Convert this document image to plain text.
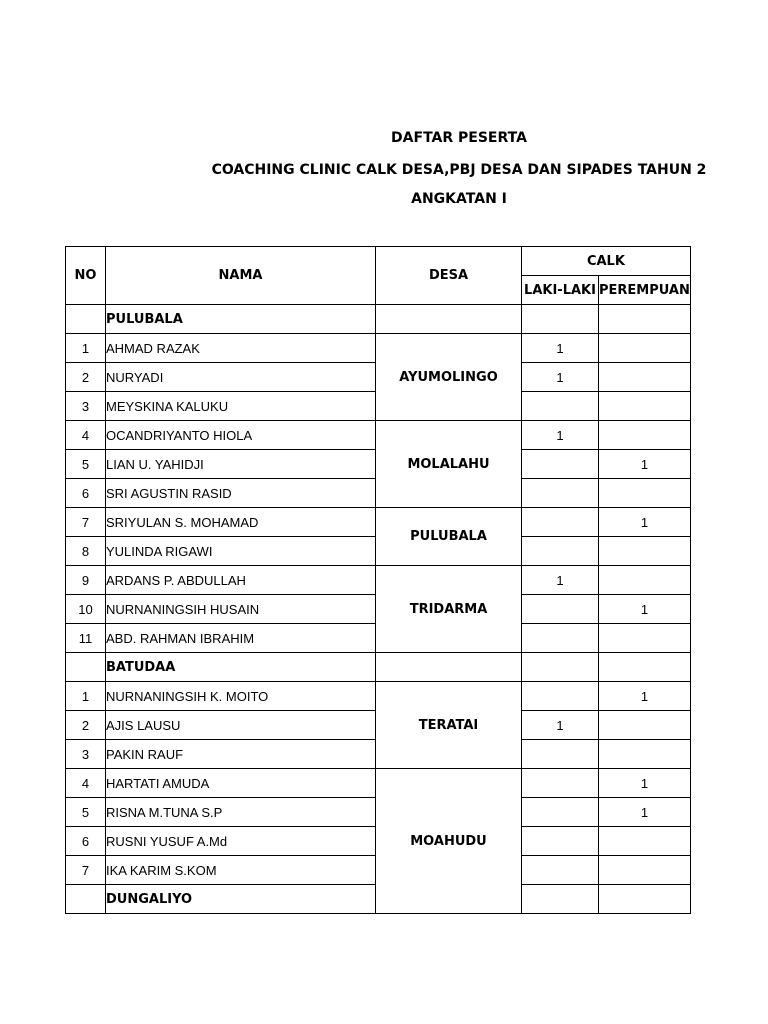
DAFTAR PESERTA
COACHING CLINIC CALK DESA,PBJ DESA DAN SIPADES TAHUN 2
ANGKATAN I
NO	NAMA	DESA	CALK	
			LAKI-LAKI	PEREMPUAN
	PULUBALA			
1	AHMAD RAZAK	AYUMOLINGO	1	
2	NURYADI		1	
3	MEYSKINA KALUKU			
4	OCANDRIYANTO HIOLA	MOLALAHU	1	
5	LIAN U. YAHIDJI			1
6	SRI AGUSTIN RASID			
7	SRIYULAN S. MOHAMAD	PULUBALA		1
8	YULINDA RIGAWI			
9	ARDANS P. ABDULLAH	TRIDARMA	1	
10	NURNANINGSIH HUSAIN			1
11	ABD. RAHMAN IBRAHIM			
	BATUDAA			
1	NURNANINGSIH K. MOITO	TERATAI		1
2	AJIS LAUSU		1	
3	PAKIN RAUF			
4	HARTATI AMUDA	MOAHUDU		1
5	RISNA M.TUNA S.P			1
6	RUSNI YUSUF A.Md			
7	IKA KARIM S.KOM			
	DUNGALIYO			
